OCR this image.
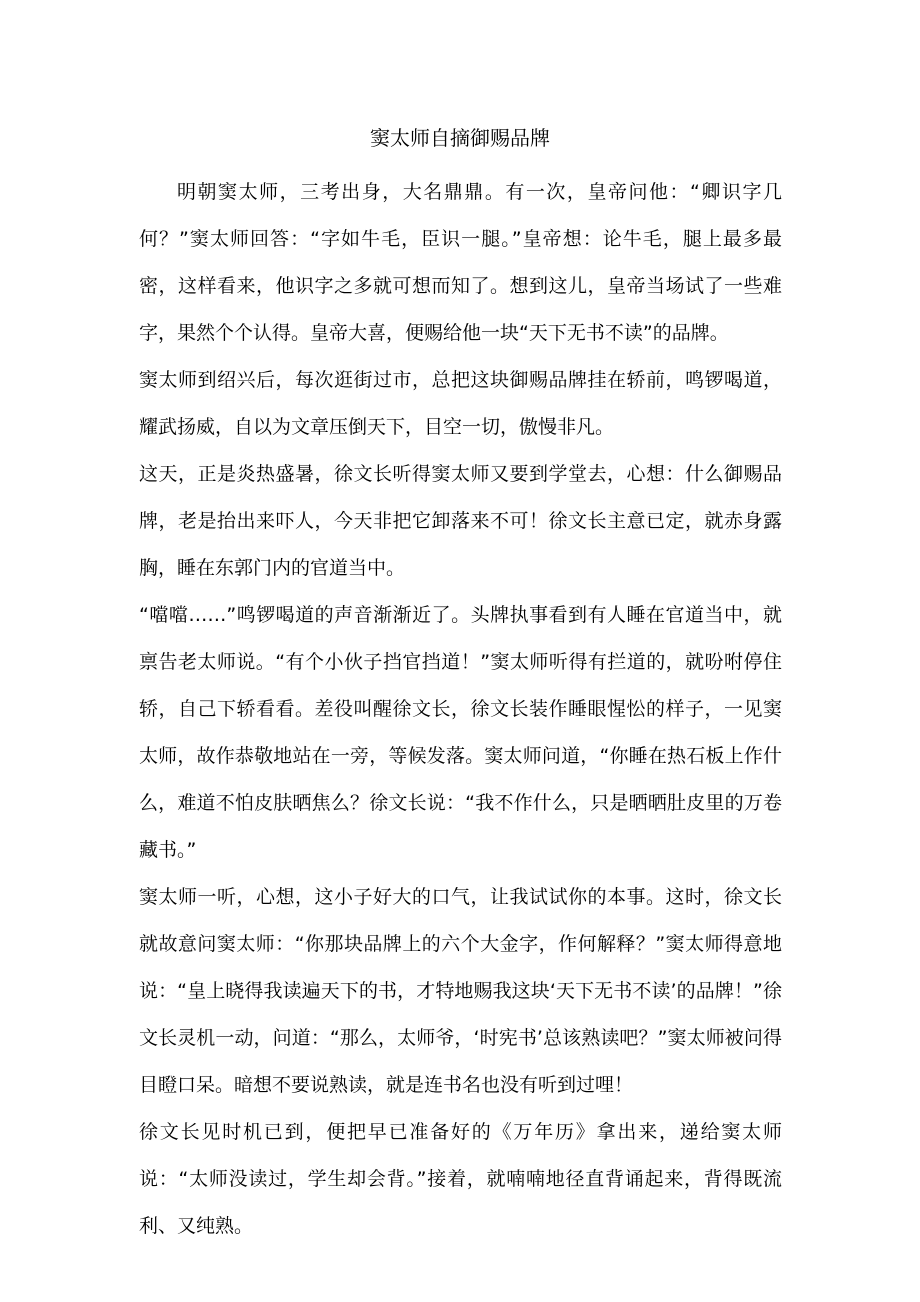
窦太师自摘御赐品牌

明朝窦太师，三考出身，大名鼎鼎。有一次，皇帝问他：“卿识字几何？”窦太师回答：“字如牛毛，臣识一腿。”皇帝想：论牛毛，腿上最多最密，这样看来，他识字之多就可想而知了。想到这儿，皇帝当场试了一些难字，果然个个认得。皇帝大喜，便赐给他一块“天下无书不读”的品牌。

窦太师到绍兴后，每次逛街过市，总把这块御赐品牌挂在轿前，鸣锣喝道，耀武扬威，自以为文章压倒天下，目空一切，傲慢非凡。

这天，正是炎热盛暑，徐文长听得窦太师又要到学堂去，心想：什么御赐品牌，老是抬出来吓人，今天非把它卸落来不可！徐文长主意已定，就赤身露胸，睡在东郭门内的官道当中。

“噹噹……”鸣锣喝道的声音渐渐近了。头牌执事看到有人睡在官道当中，就禀告老太师说。“有个小伙子挡官挡道！”窦太师听得有拦道的，就吩咐停住轿，自己下轿看看。差役叫醒徐文长，徐文长装作睡眼惺忪的样子，一见窦太师，故作恭敬地站在一旁，等候发落。窦太师问道，“你睡在热石板上作什么，难道不怕皮肤晒焦么？徐文长说：“我不作什么，只是晒晒肚皮里的万卷藏书。”

窦太师一听，心想，这小子好大的口气，让我试试你的本事。这时，徐文长就故意问窦太师：“你那块品牌上的六个大金字，作何解释？”窦太师得意地说：“皇上晓得我读遍天下的书，才特地赐我这块‘天下无书不读’的品牌！”徐文长灵机一动，问道：“那么，太师爷，‘时宪书’总该熟读吧？”窦太师被问得目瞪口呆。暗想不要说熟读，就是连书名也没有听到过哩！

徐文长见时机已到，便把早已准备好的《万年历》拿出来，递给窦太师说：“太师没读过，学生却会背。”接着，就喃喃地径直背诵起来，背得既流利、又纯熟。
